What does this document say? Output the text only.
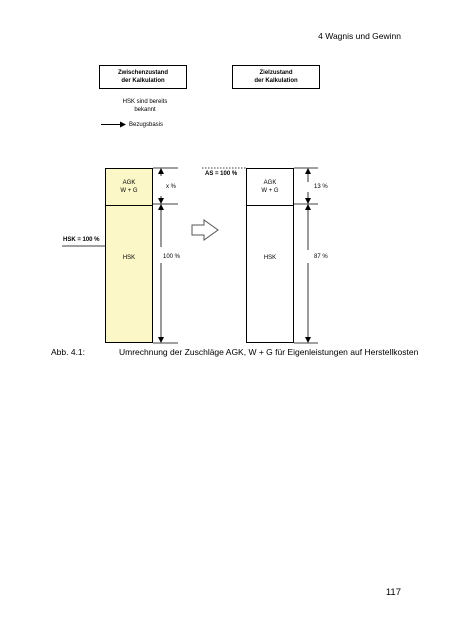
4 Wagnis und Gewinn
Zwischenzustand
der Kalkulation
Zielzustand
der Kalkulation
HSK sind bereits
bekannt
Bezugsbasis
AS = 100 %
HSK = 100 %
AGK
W + G
HSK
AGK
W + G
HSK
x %
100 %
13 %
87 %
Abb. 4.1:	Umrechnung der Zuschläge AGK, W + G für Eigenleistungen auf Herstellkosten
117
